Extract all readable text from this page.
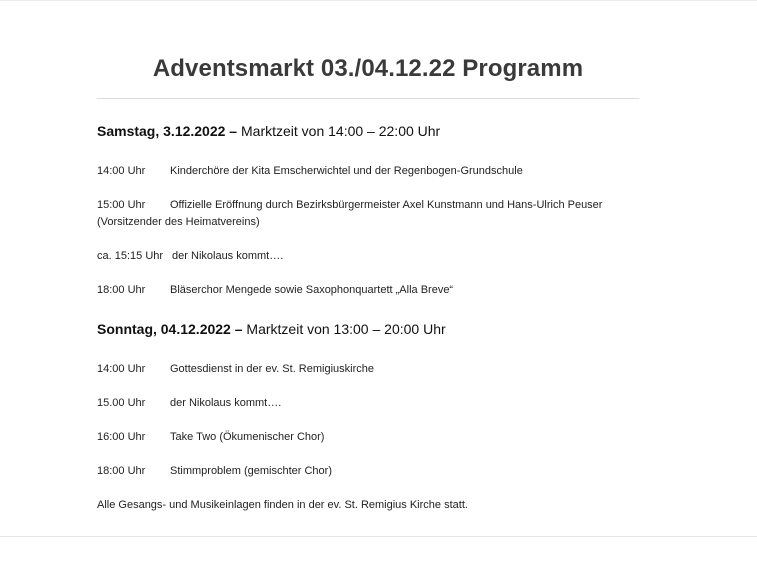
Adventsmarkt 03./04.12.22 Programm
Samstag, 3.12.2022 – Marktzeit von 14:00 – 22:00 Uhr
14:00 Uhr Kinderchöre der Kita Emscherwichtel und der Regenbogen-Grundschule
15:00 Uhr Offizielle Eröffnung durch Bezirksbürgermeister Axel Kunstmann und Hans-Ulrich Peuser (Vorsitzender des Heimatvereins)
ca. 15:15 Uhr der Nikolaus kommt….
18:00 Uhr Bläserchor Mengede sowie Saxophonquartett „Alla Breve“
Sonntag, 04.12.2022 – Marktzeit von 13:00 – 20:00 Uhr
14:00 Uhr Gottesdienst in der ev. St. Remigiuskirche
15.00 Uhr der Nikolaus kommt….
16:00 Uhr Take Two (Ökumenischer Chor)
18:00 Uhr Stimmproblem (gemischter Chor)
Alle Gesangs- und Musikeinlagen finden in der ev. St. Remigius Kirche statt.
